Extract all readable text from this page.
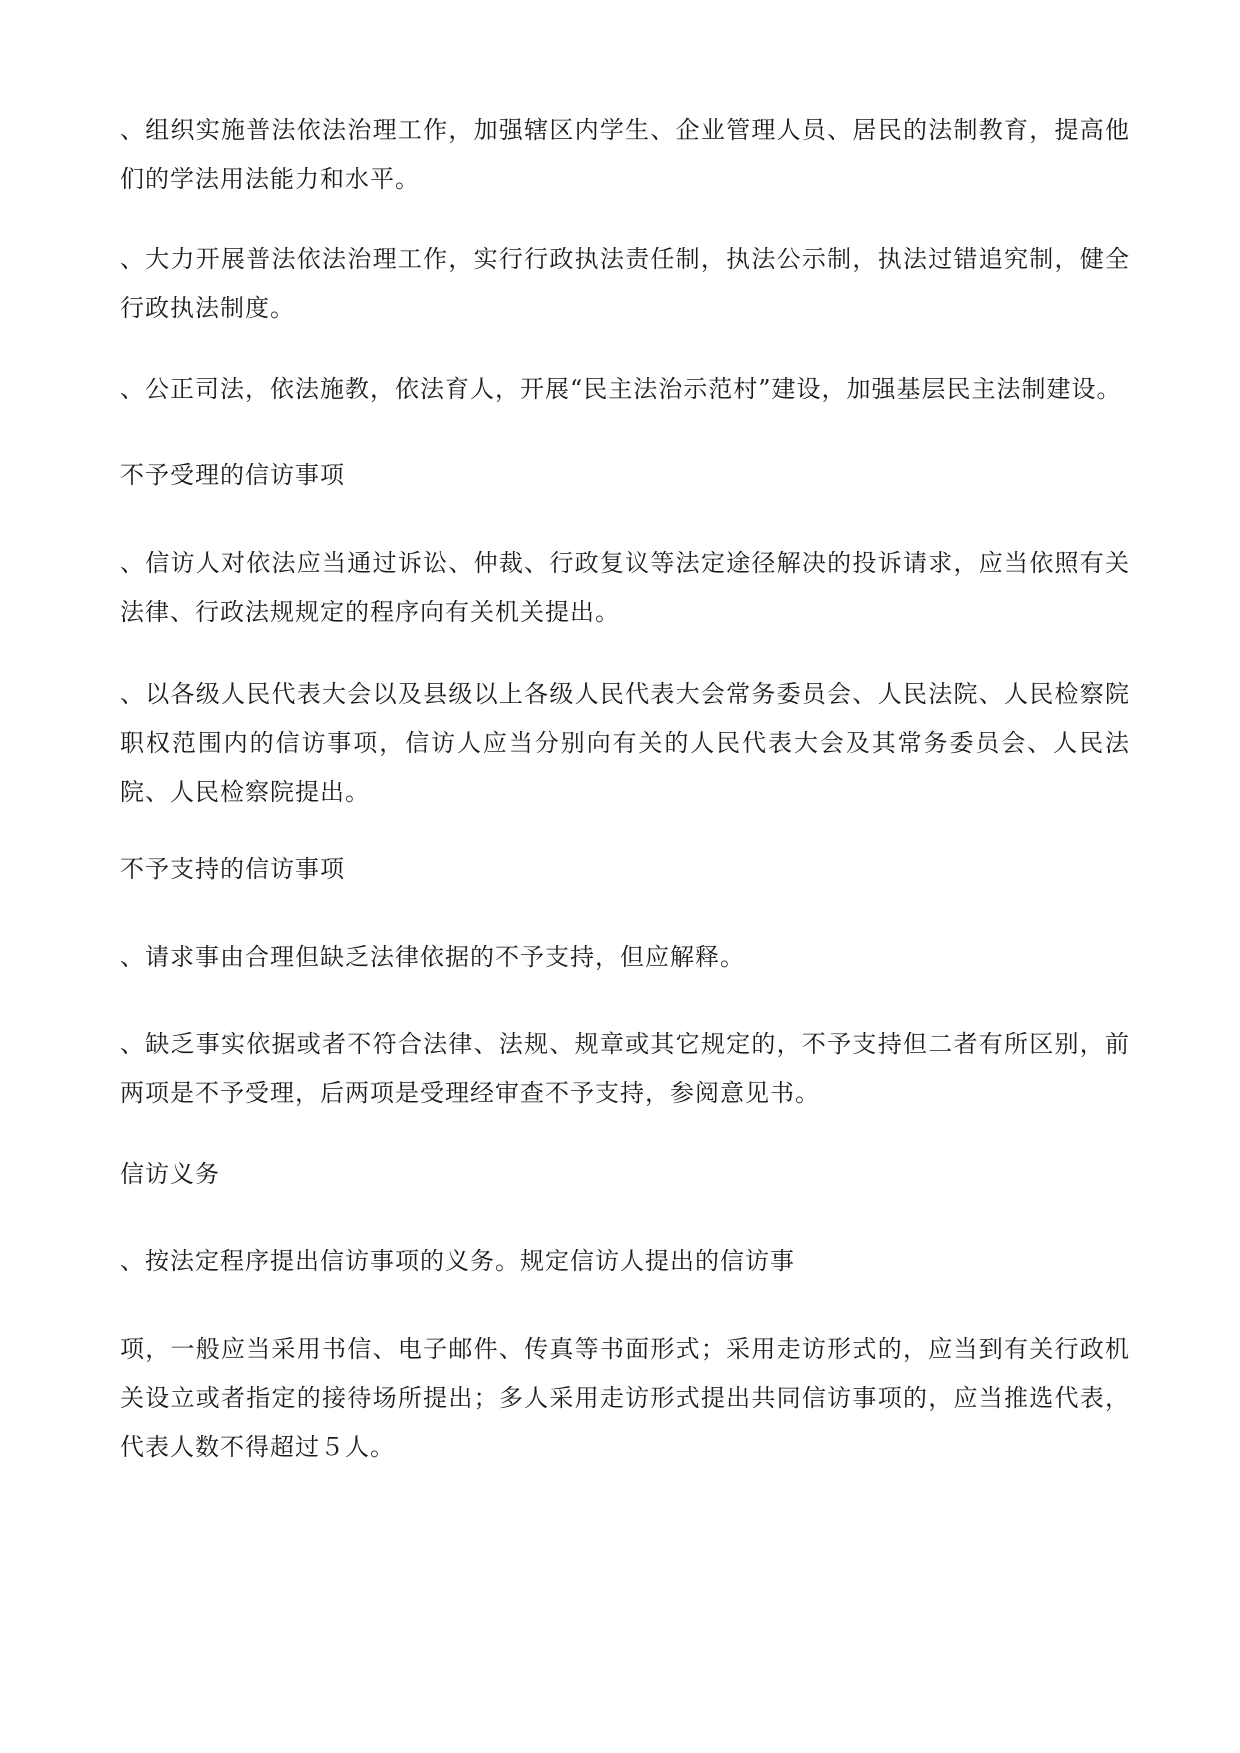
、组织实施普法依法治理工作，加强辖区内学生、企业管理人员、居民的法制教育，提高他们的学法用法能力和水平。

、大力开展普法依法治理工作，实行行政执法责任制，执法公示制，执法过错追究制，健全行政执法制度。

、公正司法，依法施教，依法育人，开展“民主法治示范村”建设，加强基层民主法制建设。

不予受理的信访事项

、信访人对依法应当通过诉讼、仲裁、行政复议等法定途径解决的投诉请求，应当依照有关法律、行政法规规定的程序向有关机关提出。

、以各级人民代表大会以及县级以上各级人民代表大会常务委员会、人民法院、人民检察院职权范围内的信访事项，信访人应当分别向有关的人民代表大会及其常务委员会、人民法院、人民检察院提出。

不予支持的信访事项

、请求事由合理但缺乏法律依据的不予支持，但应解释。

、缺乏事实依据或者不符合法律、法规、规章或其它规定的，不予支持但二者有所区别，前两项是不予受理，后两项是受理经审查不予支持，参阅意见书。

信访义务

、按法定程序提出信访事项的义务。规定信访人提出的信访事

项，一般应当采用书信、电子邮件、传真等书面形式；采用走访形式的，应当到有关行政机关设立或者指定的接待场所提出；多人采用走访形式提出共同信访事项的，应当推选代表，代表人数不得超过５人。
